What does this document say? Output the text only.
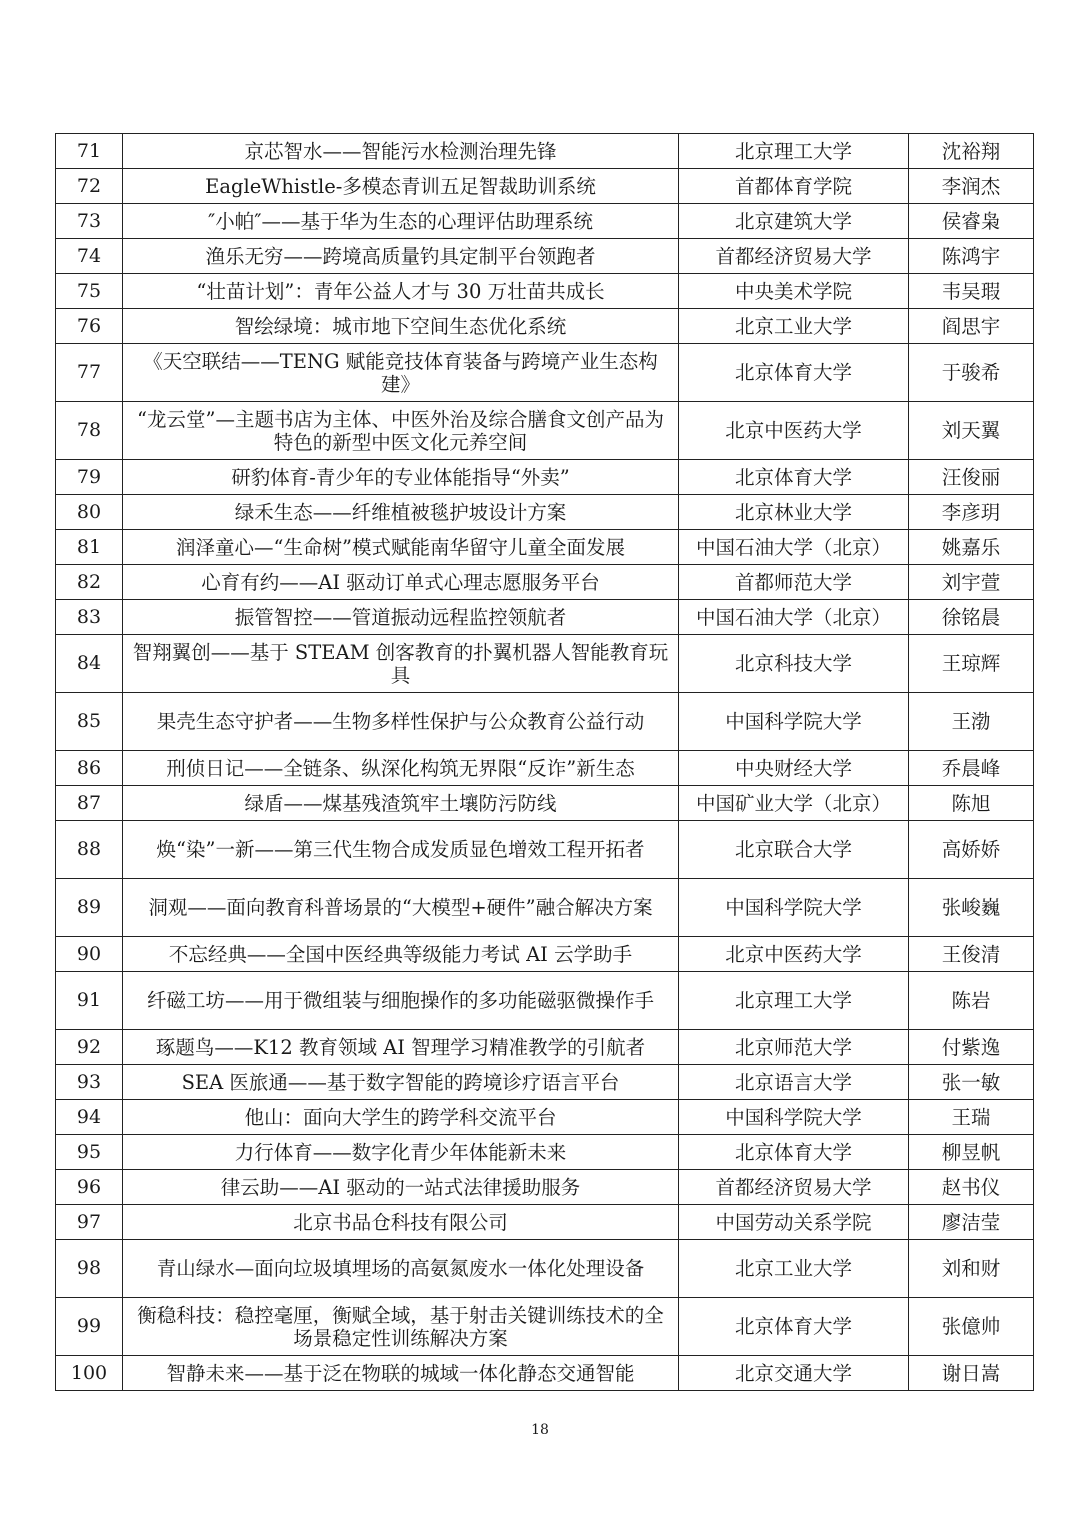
71	京芯智水——智能污水检测治理先锋	北京理工大学	沈裕翔
72	EagleWhistle-多模态青训五足智裁助训系统	首都体育学院	李润杰
73	″小帕″——基于华为生态的心理评估助理系统	北京建筑大学	侯睿枭
74	渔乐无穷——跨境高质量钓具定制平台领跑者	首都经济贸易大学	陈鸿宇
75	“壮苗计划”：青年公益人才与 30 万壮苗共成长	中央美术学院	韦吴瑕
76	智绘绿境：城市地下空间生态优化系统	北京工业大学	阎思宇
77	《天空联结——TENG 赋能竞技体育装备与跨境产业生态构建》	北京体育大学	于骏希
78	“龙云堂”—主题书店为主体、中医外治及综合膳食文创产品为特色的新型中医文化元养空间	北京中医药大学	刘天翼
79	研豹体育-青少年的专业体能指导“外卖”	北京体育大学	汪俊丽
80	绿禾生态——纤维植被毯护坡设计方案	北京林业大学	李彦玥
81	润泽童心—“生命树”模式赋能南华留守儿童全面发展	中国石油大学（北京）	姚嘉乐
82	心育有约——AI 驱动订单式心理志愿服务平台	首都师范大学	刘宇萱
83	振管智控——管道振动远程监控领航者	中国石油大学（北京）	徐铭晨
84	智翔翼创——基于 STEAM 创客教育的扑翼机器人智能教育玩具	北京科技大学	王琼辉
85	果壳生态守护者——生物多样性保护与公众教育公益行动	中国科学院大学	王渤
86	刑侦日记——全链条、纵深化构筑无界限“反诈”新生态	中央财经大学	乔晨峰
87	绿盾——煤基残渣筑牢土壤防污防线	中国矿业大学（北京）	陈旭
88	焕“染”一新——第三代生物合成发质显色增效工程开拓者	北京联合大学	高娇娇
89	洞观——面向教育科普场景的“大模型+硬件”融合解决方案	中国科学院大学	张峻巍
90	不忘经典——全国中医经典等级能力考试 AI 云学助手	北京中医药大学	王俊清
91	纤磁工坊——用于微组装与细胞操作的多功能磁驱微操作手	北京理工大学	陈岩
92	琢题鸟——K12 教育领域 AI 智理学习精准教学的引航者	北京师范大学	付紫逸
93	SEA 医旅通——基于数字智能的跨境诊疗语言平台	北京语言大学	张一敏
94	他山：面向大学生的跨学科交流平台	中国科学院大学	王瑞
95	力行体育——数字化青少年体能新未来	北京体育大学	柳昱帆
96	律云助——AI 驱动的一站式法律援助服务	首都经济贸易大学	赵书仪
97	北京书品仓科技有限公司	中国劳动关系学院	廖洁莹
98	青山绿水—面向垃圾填埋场的高氨氮废水一体化处理设备	北京工业大学	刘和财
99	衡稳科技：稳控毫厘，衡赋全域，基于射击关键训练技术的全场景稳定性训练解决方案	北京体育大学	张億帅
100	智静未来——基于泛在物联的城域一体化静态交通智能	北京交通大学	谢日嵩
18
